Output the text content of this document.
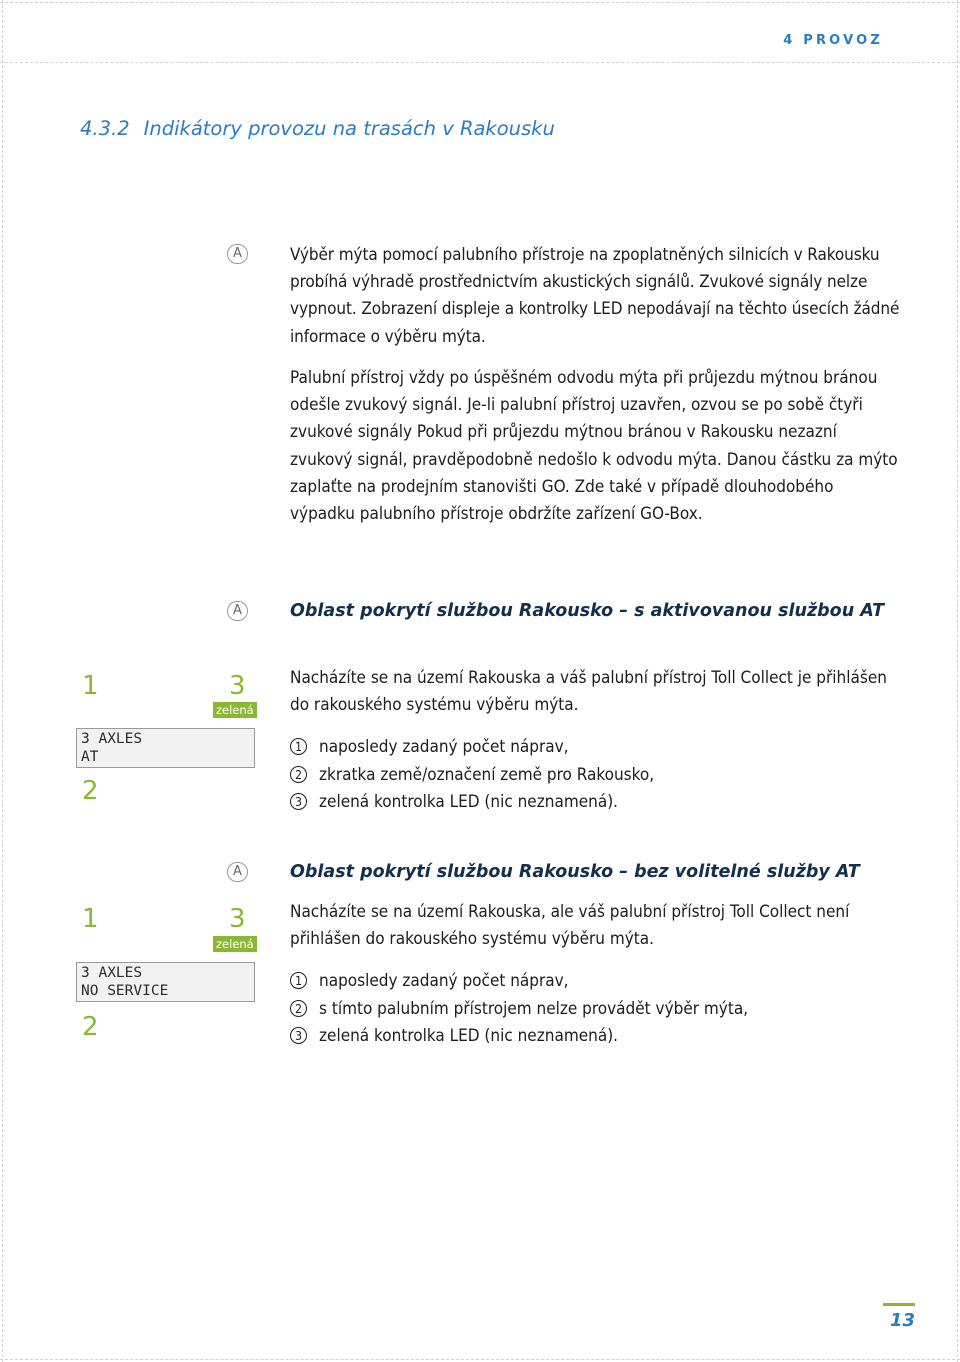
4 PROVOZ
4.3.2 Indikátory provozu na trasách v Rakousku
A	Výběr mýta pomocí palubního přístroje na zpoplatněných silnicích v Rakousku probíhá výhradě prostřednictvím akustických signálů. Zvukové signály nelze vypnout. Zobrazení displeje a kontrolky LED nepodávají na těchto úsecích žádné informace o výběru mýta.

Palubní přístroj vždy po úspěšném odvodu mýta při průjezdu mýtnou bránou odešle zvukový signál. Je-li palubní přístroj uzavřen, ozvou se po sobě čtyři zvukové signály Pokud při průjezdu mýtnou bránou v Rakousku nezazní zvukový signál, pravděpodobně nedošlo k odvodu mýta. Danou částku za mýto zaplaťte na prodejním stanovišti GO. Zde také v případě dlouhodobého výpadku palubního přístroje obdržíte zařízení GO-Box.

A	Oblast pokrytí službou Rakousko – s aktivovanou službou AT
1	3
zelená
3 AXLES
AT
2

Nacházíte se na území Rakouska a váš palubní přístroj Toll Collect je přihlášen do rakouského systému výběru mýta.

1 naposledy zadaný počet náprav,
2 zkratka země/označení země pro Rakousko,
3 zelená kontrolka LED (nic neznamená).
A	Oblast pokrytí službou Rakousko – bez volitelné služby AT
1	3
zelená
3 AXLES
NO SERVICE
2

Nacházíte se na území Rakouska, ale váš palubní přístroj Toll Collect není přihlášen do rakouského systému výběru mýta.

1 naposledy zadaný počet náprav,
2 s tímto palubním přístrojem nelze provádět výběr mýta,
3 zelená kontrolka LED (nic neznamená).
13
